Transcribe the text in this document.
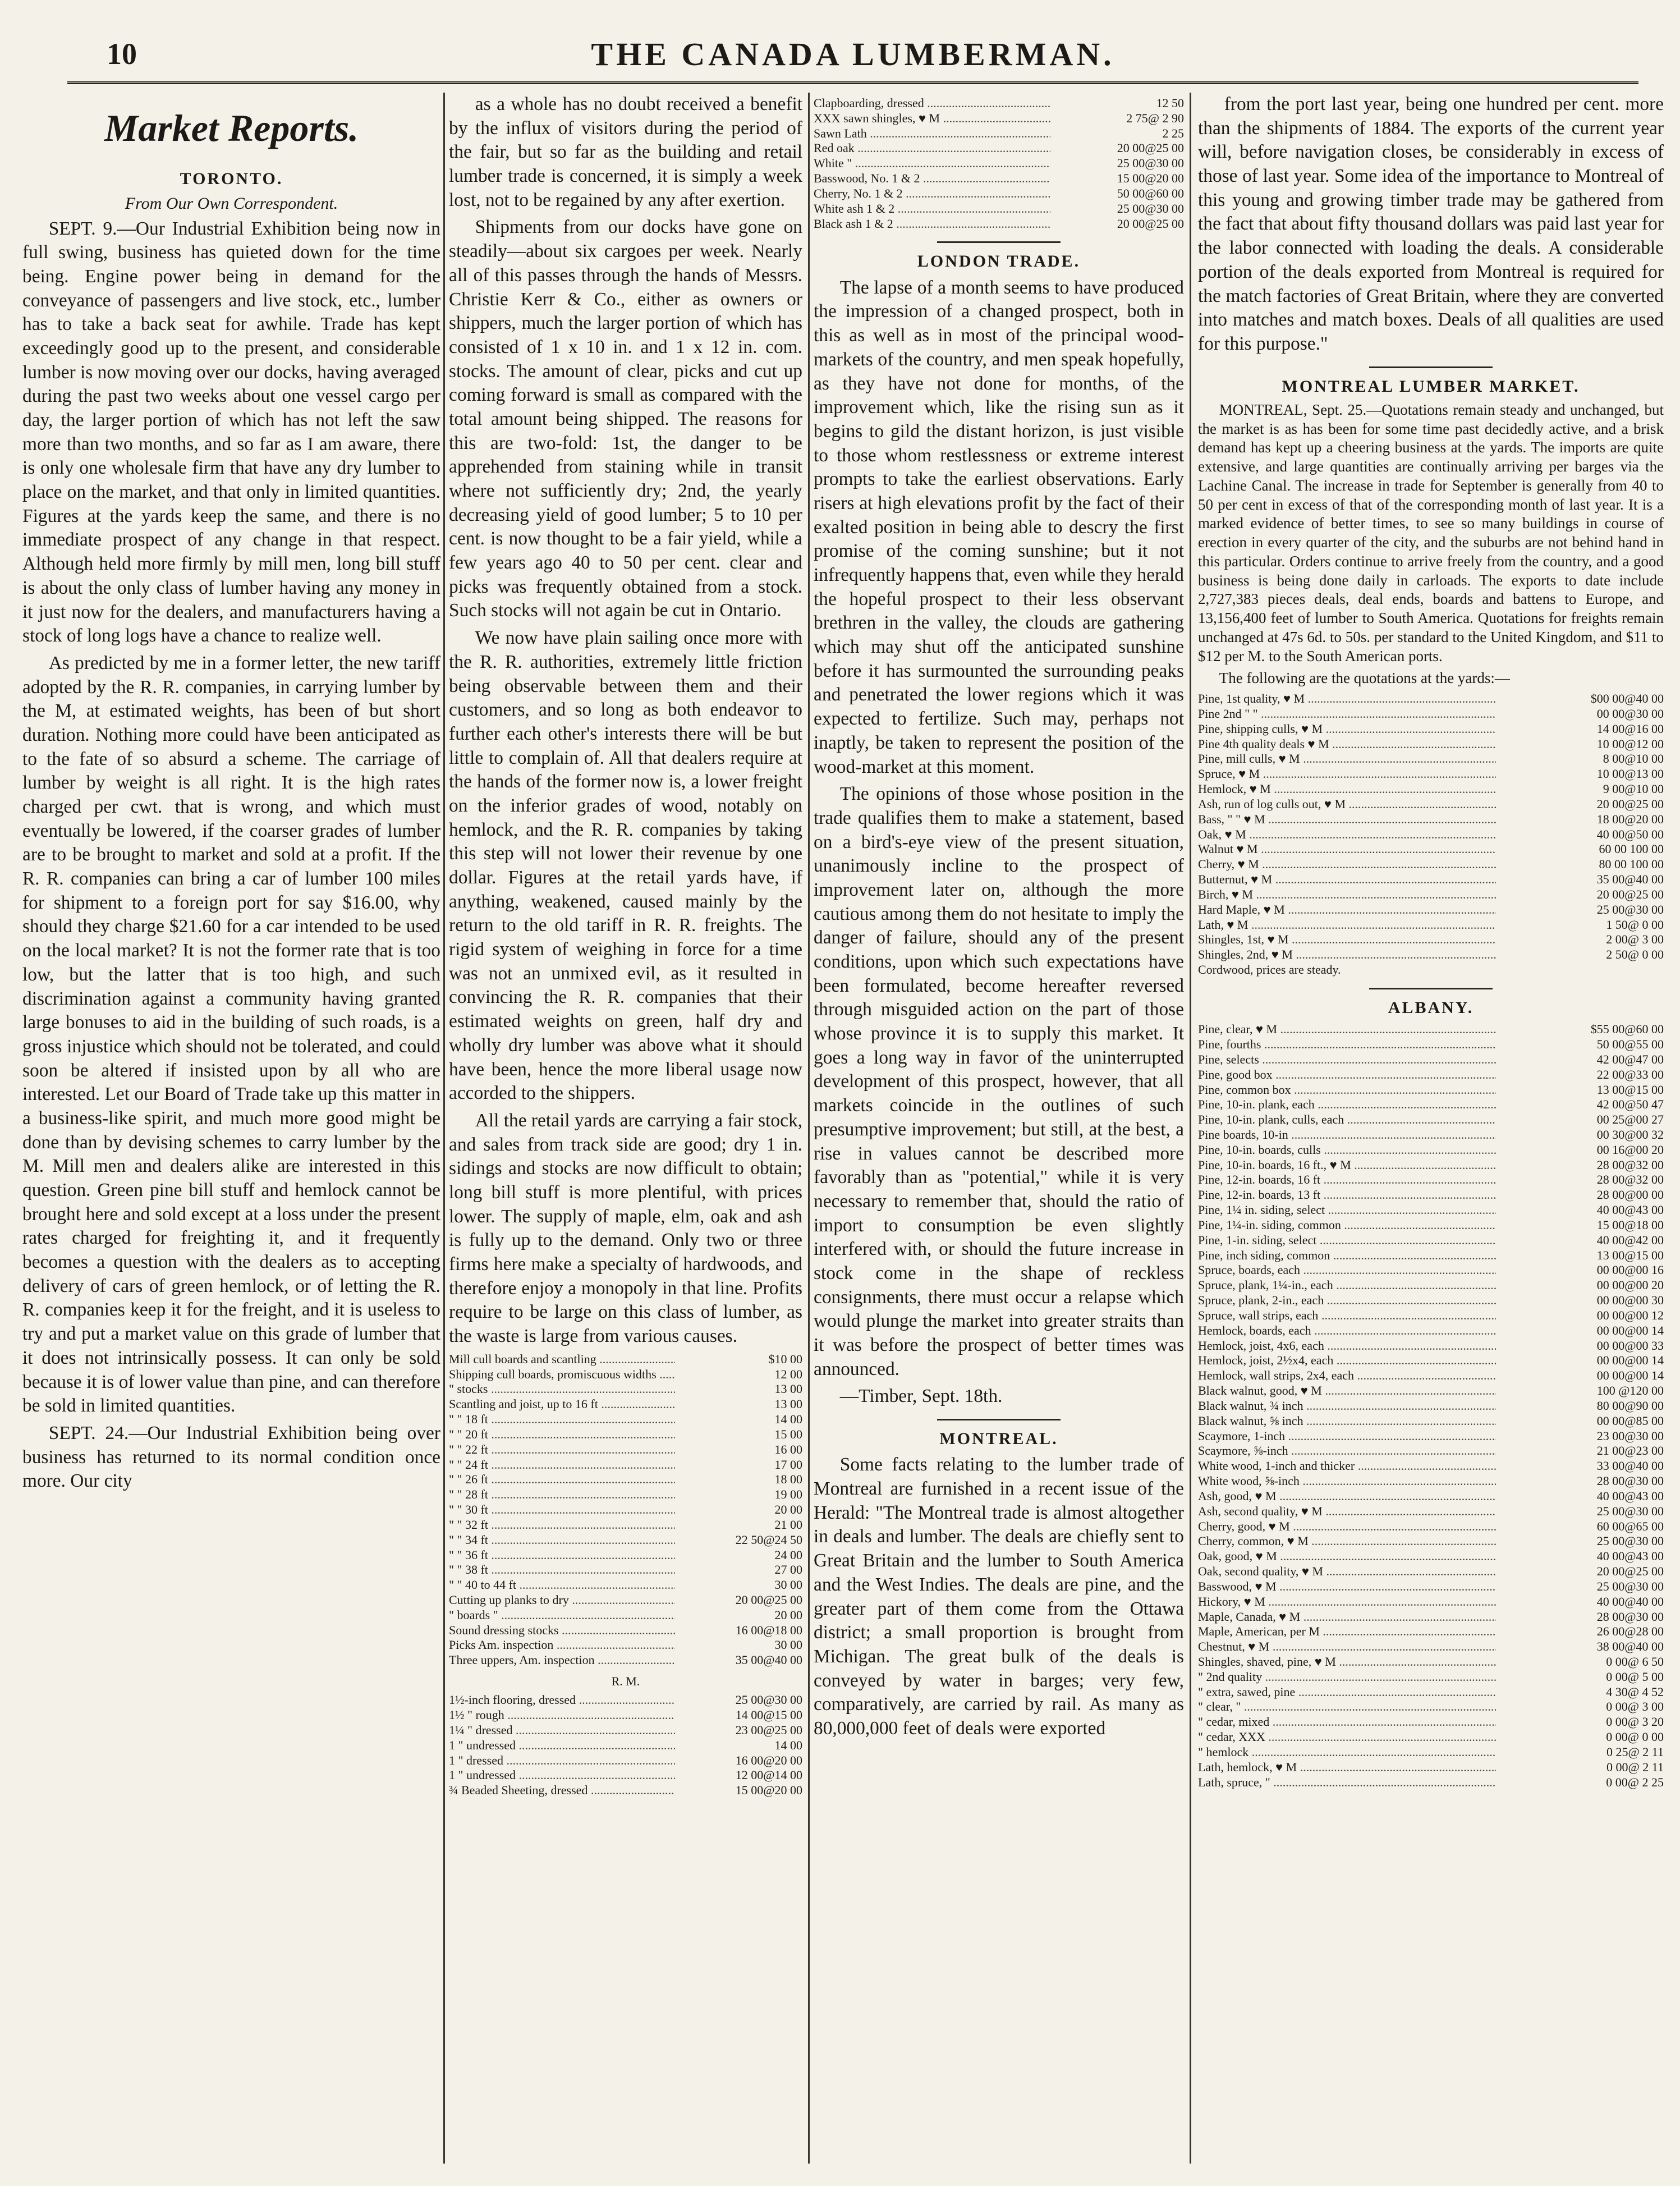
10	THE CANADA LUMBERMAN.
Market Reports.
TORONTO.
From Our Own Correspondent.

SEPT. 9.—Our Industrial Exhibition being now in full swing, business has quieted down for the time being. Engine power being in demand for the conveyance of passengers and live stock, etc., lumber has to take a back seat for awhile. Trade has kept exceedingly good up to the present, and considerable lumber is now moving over our docks, having averaged during the past two weeks about one vessel cargo per day, the larger portion of which has not left the saw more than two months, and so far as I am aware, there is only one wholesale firm that have any dry lumber to place on the market, and that only in limited quantities. Figures at the yards keep the same, and there is no immediate prospect of any change in that respect. Although held more firmly by mill men, long bill stuff is about the only class of lumber having any money in it just now for the dealers, and manufacturers having a stock of long logs have a chance to realize well.

As predicted by me in a former letter, the new tariff adopted by the R. R. companies, in carrying lumber by the M, at estimated weights, has been of but short duration. Nothing more could have been anticipated as to the fate of so absurd a scheme. The carriage of lumber by weight is all right. It is the high rates charged per cwt. that is wrong, and which must eventually be lowered, if the coarser grades of lumber are to be brought to market and sold at a profit. If the R. R. companies can bring a car of lumber 100 miles for shipment to a foreign port for say $16.00, why should they charge $21.60 for a car intended to be used on the local market? It is not the former rate that is too low, but the latter that is too high, and such discrimination against a community having granted large bonuses to aid in the building of such roads, is a gross injustice which should not be tolerated, and could soon be altered if insisted upon by all who are interested. Let our Board of Trade take up this matter in a business-like spirit, and much more good might be done than by devising schemes to carry lumber by the M. Mill men and dealers alike are interested in this question. Green pine bill stuff and hemlock cannot be brought here and sold except at a loss under the present rates charged for freighting it, and it frequently becomes a question with the dealers as to accepting delivery of cars of green hemlock, or of letting the R. R. companies keep it for the freight, and it is useless to try and put a market value on this grade of lumber that it does not intrinsically possess. It can only be sold because it is of lower value than pine, and can therefore be sold in limited quantities.

SEPT. 24.—Our Industrial Exhibition being over business has returned to its normal condition once more. Our city

as a whole has no doubt received a benefit by the influx of visitors during the period of the fair, but so far as the building and retail lumber trade is concerned, it is simply a week lost, not to be regained by any after exertion.

Shipments from our docks have gone on steadily—about six cargoes per week. Nearly all of this passes through the hands of Messrs. Christie Kerr & Co., either as owners or shippers, much the larger portion of which has consisted of 1 x 10 in. and 1 x 12 in. com. stocks. The amount of clear, picks and cut up coming forward is small as compared with the total amount being shipped. The reasons for this are two-fold: 1st, the danger to be apprehended from staining while in transit where not sufficiently dry; 2nd, the yearly decreasing yield of good lumber; 5 to 10 per cent. is now thought to be a fair yield, while a few years ago 40 to 50 per cent. clear and picks was frequently obtained from a stock. Such stocks will not again be cut in Ontario.

We now have plain sailing once more with the R. R. authorities, extremely little friction being observable between them and their customers, and so long as both endeavor to further each other's interests there will be but little to complain of. All that dealers require at the hands of the former now is, a lower freight on the inferior grades of wood, notably on hemlock, and the R. R. companies by taking this step will not lower their revenue by one dollar. Figures at the retail yards have, if anything, weakened, caused mainly by the return to the old tariff in R. R. freights. The rigid system of weighing in force for a time was not an unmixed evil, as it resulted in convincing the R. R. companies that their estimated weights on green, half dry and wholly dry lumber was above what it should have been, hence the more liberal usage now accorded to the shippers.

All the retail yards are carrying a fair stock, and sales from track side are good; dry 1 in. sidings and stocks are now difficult to obtain; long bill stuff is more plentiful, with prices lower. The supply of maple, elm, oak and ash is fully up to the demand. Only two or three firms here make a specialty of hardwoods, and therefore enjoy a monopoly in that line. Profits require to be large on this class of lumber, as the waste is large from various causes.

Mill cull boards and scantling .....	$10 00
Shipping cull boards, promiscuous widths .....	12 00
" stocks .....	13 00
Scantling and joist, up to 16 ft .....	13 00
" " 18 ft .....	14 00
" " 20 ft .....	15 00
" " 22 ft .....	16 00
" " 24 ft .....	17 00
" " 26 ft .....	18 00
" " 28 ft .....	19 00
" " 30 ft .....	20 00
" " 32 ft .....	21 00
" " 34 ft .....	22 50@24 50
" " 36 ft .....	24 00
" " 38 ft .....	27 00
" " 40 to 44 ft .....	30 00
Cutting up planks to dry .....	20 00@25 00
" boards " .....	20 00
Sound dressing stocks .....	16 00@18 00
Picks Am. inspection .....	30 00
Three uppers, Am. inspection .....	35 00@40 00
R. M.
1½-inch flooring, dressed .....	25 00@30 00
1½ " rough .....	14 00@15 00
1¼ " dressed .....	23 00@25 00
1 " undressed .....	14 00
1 " dressed .....	16 00@20 00
1 " undressed .....	12 00@14 00
¾ Beaded Sheeting, dressed .....	15 00@20 00
Clapboarding, dressed .....	12 50
XXX sawn shingles, ♥ M .....	2 75@ 2 90
Sawn Lath .....	2 25
Red oak .....	20 00@25 00
White " .....	25 00@30 00
Basswood, No. 1 & 2 .....	15 00@20 00
Cherry, No. 1 & 2 .....	50 00@60 00
White ash 1 & 2 .....	25 00@30 00
Black ash 1 & 2 .....	20 00@25 00
LONDON TRADE.

The lapse of a month seems to have produced the impression of a changed prospect, both in this as well as in most of the principal wood-markets of the country, and men speak hopefully, as they have not done for months, of the improvement which, like the rising sun as it begins to gild the distant horizon, is just visible to those whom restlessness or extreme interest prompts to take the earliest observations. Early risers at high elevations profit by the fact of their exalted position in being able to descry the first promise of the coming sunshine; but it not infrequently happens that, even while they herald the hopeful prospect to their less observant brethren in the valley, the clouds are gathering which may shut off the anticipated sunshine before it has surmounted the surrounding peaks and penetrated the lower regions which it was expected to fertilize. Such may, perhaps not inaptly, be taken to represent the position of the wood-market at this moment.

The opinions of those whose position in the trade qualifies them to make a statement, based on a bird's-eye view of the present situation, unanimously incline to the prospect of improvement later on, although the more cautious among them do not hesitate to imply the danger of failure, should any of the present conditions, upon which such expectations have been formulated, become hereafter reversed through misguided action on the part of those whose province it is to supply this market. It goes a long way in favor of the uninterrupted development of this prospect, however, that all markets coincide in the outlines of such presumptive improvement; but still, at the best, a rise in values cannot be described more favorably than as "potential," while it is very necessary to remember that, should the ratio of import to consumption be even slightly interfered with, or should the future increase in stock come in the shape of reckless consignments, there must occur a relapse which would plunge the market into greater straits than it was before the prospect of better times was announced.

—Timber, Sept. 18th.

MONTREAL.

Some facts relating to the lumber trade of Montreal are furnished in a recent issue of the Herald: "The Montreal trade is almost altogether in deals and lumber. The deals are chiefly sent to Great Britain and the lumber to South America and the West Indies. The deals are pine, and the greater part of them come from the Ottawa district; a small proportion is brought from Michigan. The great bulk of the deals is conveyed by water in barges; very few, comparatively, are carried by rail. As many as 80,000,000 feet of deals were exported

from the port last year, being one hundred per cent. more than the shipments of 1884. The exports of the current year will, before navigation closes, be considerably in excess of those of last year. Some idea of the importance to Montreal of this young and growing timber trade may be gathered from the fact that about fifty thousand dollars was paid last year for the labor connected with loading the deals. A considerable portion of the deals exported from Montreal is required for the match factories of Great Britain, where they are converted into matches and match boxes. Deals of all qualities are used for this purpose."

MONTREAL LUMBER MARKET.

MONTREAL, Sept. 25.—Quotations remain steady and unchanged, but the market is as has been for some time past decidedly active, and a brisk demand has kept up a cheering business at the yards. The imports are quite extensive, and large quantities are continually arriving per barges via the Lachine Canal. The increase in trade for September is generally from 40 to 50 per cent in excess of that of the corresponding month of last year. It is a marked evidence of better times, to see so many buildings in course of erection in every quarter of the city, and the suburbs are not behind hand in this particular. Orders continue to arrive freely from the country, and a good business is being done daily in carloads. The exports to date include 2,727,383 pieces deals, deal ends, boards and battens to Europe, and 13,156,400 feet of lumber to South America. Quotations for freights remain unchanged at 47s 6d. to 50s. per standard to the United Kingdom, and $11 to $12 per M. to the South American ports.

The following are the quotations at the yards:—

Pine, 1st quality, ♥ M .....	$00 00@40 00
Pine 2nd " " .....	00 00@30 00
Pine, shipping culls, ♥ M .....	14 00@16 00
Pine 4th quality deals ♥ M .....	10 00@12 00
Pine, mill culls, ♥ M .....	8 00@10 00
Spruce, ♥ M .....	10 00@13 00
Hemlock, ♥ M .....	9 00@10 00
Ash, run of log culls out, ♥ M .....	20 00@25 00
Bass, " " ♥ M .....	18 00@20 00
Oak, ♥ M .....	40 00@50 00
Walnut ♥ M .....	60 00 100 00
Cherry, ♥ M .....	80 00 100 00
Butternut, ♥ M .....	35 00@40 00
Birch, ♥ M .....	20 00@25 00
Hard Maple, ♥ M .....	25 00@30 00
Lath, ♥ M .....	1 50@ 0 00
Shingles, 1st, ♥ M .....	2 00@ 3 00
Shingles, 2nd, ♥ M .....	2 50@ 0 00
Cordwood, prices are steady.	
ALBANY.
Pine, clear, ♥ M .....	$55 00@60 00
Pine, fourths .....	50 00@55 00
Pine, selects .....	42 00@47 00
Pine, good box .....	22 00@33 00
Pine, common box .....	13 00@15 00
Pine, 10-in. plank, each .....	42 00@50 47
Pine, 10-in. plank, culls, each .....	00 25@00 27
Pine boards, 10-in .....	00 30@00 32
Pine, 10-in. boards, culls .....	00 16@00 20
Pine, 10-in. boards, 16 ft., ♥ M .....	28 00@32 00
Pine, 12-in. boards, 16 ft .....	28 00@32 00
Pine, 12-in. boards, 13 ft .....	28 00@00 00
Pine, 1¼ in. siding, select .....	40 00@43 00
Pine, 1¼-in. siding, common .....	15 00@18 00
Pine, 1-in. siding, select .....	40 00@42 00
Pine, inch siding, common .....	13 00@15 00
Spruce, boards, each .....	00 00@00 16
Spruce, plank, 1¼-in., each .....	00 00@00 20
Spruce, plank, 2-in., each .....	00 00@00 30
Spruce, wall strips, each .....	00 00@00 12
Hemlock, boards, each .....	00 00@00 14
Hemlock, joist, 4x6, each .....	00 00@00 33
Hemlock, joist, 2½x4, each .....	00 00@00 14
Hemlock, wall strips, 2x4, each .....	00 00@00 14
Black walnut, good, ♥ M .....	100 @120 00
Black walnut, ¾ inch .....	80 00@90 00
Black walnut, ⅝ inch .....	00 00@85 00
Scaymore, 1-inch .....	23 00@30 00
Scaymore, ⅝-inch .....	21 00@23 00
White wood, 1-inch and thicker .....	33 00@40 00
White wood, ⅝-inch .....	28 00@30 00
Ash, good, ♥ M .....	40 00@43 00
Ash, second quality, ♥ M .....	25 00@30 00
Cherry, good, ♥ M .....	60 00@65 00
Cherry, common, ♥ M .....	25 00@30 00
Oak, good, ♥ M .....	40 00@43 00
Oak, second quality, ♥ M .....	20 00@25 00
Basswood, ♥ M .....	25 00@30 00
Hickory, ♥ M .....	40 00@40 00
Maple, Canada, ♥ M .....	28 00@30 00
Maple, American, per M .....	26 00@28 00
Chestnut, ♥ M .....	38 00@40 00
Shingles, shaved, pine, ♥ M .....	0 00@ 6 50
" 2nd quality .....	0 00@ 5 00
" extra, sawed, pine .....	4 30@ 4 52
" clear, " .....	0 00@ 3 00
" cedar, mixed .....	0 00@ 3 20
" cedar, XXX .....	0 00@ 0 00
" hemlock .....	0 25@ 2 11
Lath, hemlock, ♥ M .....	0 00@ 2 11
Lath, spruce, " .....	0 00@ 2 25
